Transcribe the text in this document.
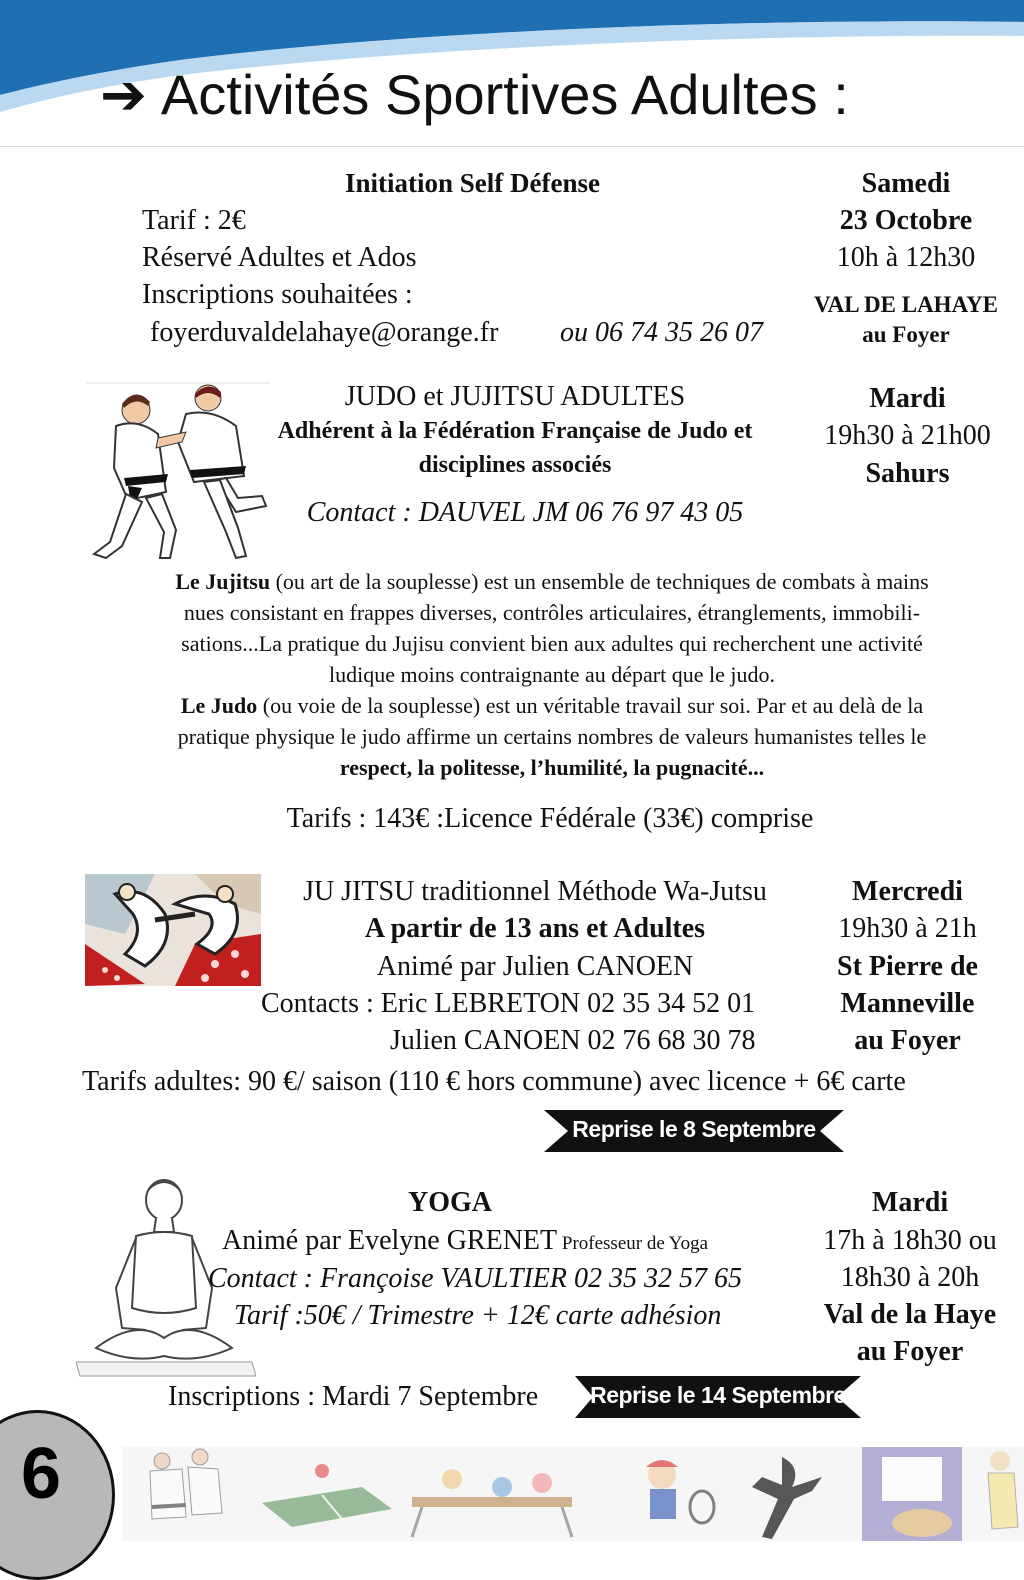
➔ Activités Sportives Adultes :
Initiation Self Défense
Tarif : 2€
Réservé Adultes et Ados
Inscriptions souhaitées :
foyerduvaldelahaye@orange.fr ou 06 74 35 26 07
Samedi
23 Octobre
10h à 12h30
VAL DE LAHAYE
au Foyer
JUDO et JUJITSU ADULTES
Adhérent à la Fédération Française de Judo et
disciplines associés
Contact : DAUVEL JM 06 76 97 43 05
Mardi
19h30 à 21h00
Sahurs
Le Jujitsu (ou art de la souplesse) est un ensemble de techniques de combats à mains
nues consistant en frappes diverses, contrôles articulaires, étranglements, immobili-
sations...La pratique du Jujisu convient bien aux adultes qui recherchent une activité
ludique moins contraignante au départ que le judo.
Le Judo (ou voie de la souplesse) est un véritable travail sur soi. Par et au delà de la
pratique physique le judo affirme un certains nombres de valeurs humanistes telles le
respect, la politesse, l’humilité, la pugnacité...
Tarifs : 143€ :Licence Fédérale (33€) comprise
JU JITSU traditionnel Méthode Wa-Jutsu
A partir de 13 ans et Adultes
Animé par Julien CANOEN
Contacts : Eric LEBRETON 02 35 34 52 01
Julien CANOEN 02 76 68 30 78
Mercredi
19h30 à 21h
St Pierre de
Manneville
au Foyer
Tarifs adultes: 90 €/ saison (110 € hors commune) avec licence + 6€ carte
Reprise le 8 Septembre
YOGA
Animé par Evelyne GRENET Professeur de Yoga
Contact : Françoise VAULTIER 02 35 32 57 65
Tarif :50€ / Trimestre + 12€ carte adhésion
Mardi
17h à 18h30 ou
18h30 à 20h
Val de la Haye
au Foyer
Inscriptions : Mardi 7 Septembre	Reprise le 14 Septembre
6
